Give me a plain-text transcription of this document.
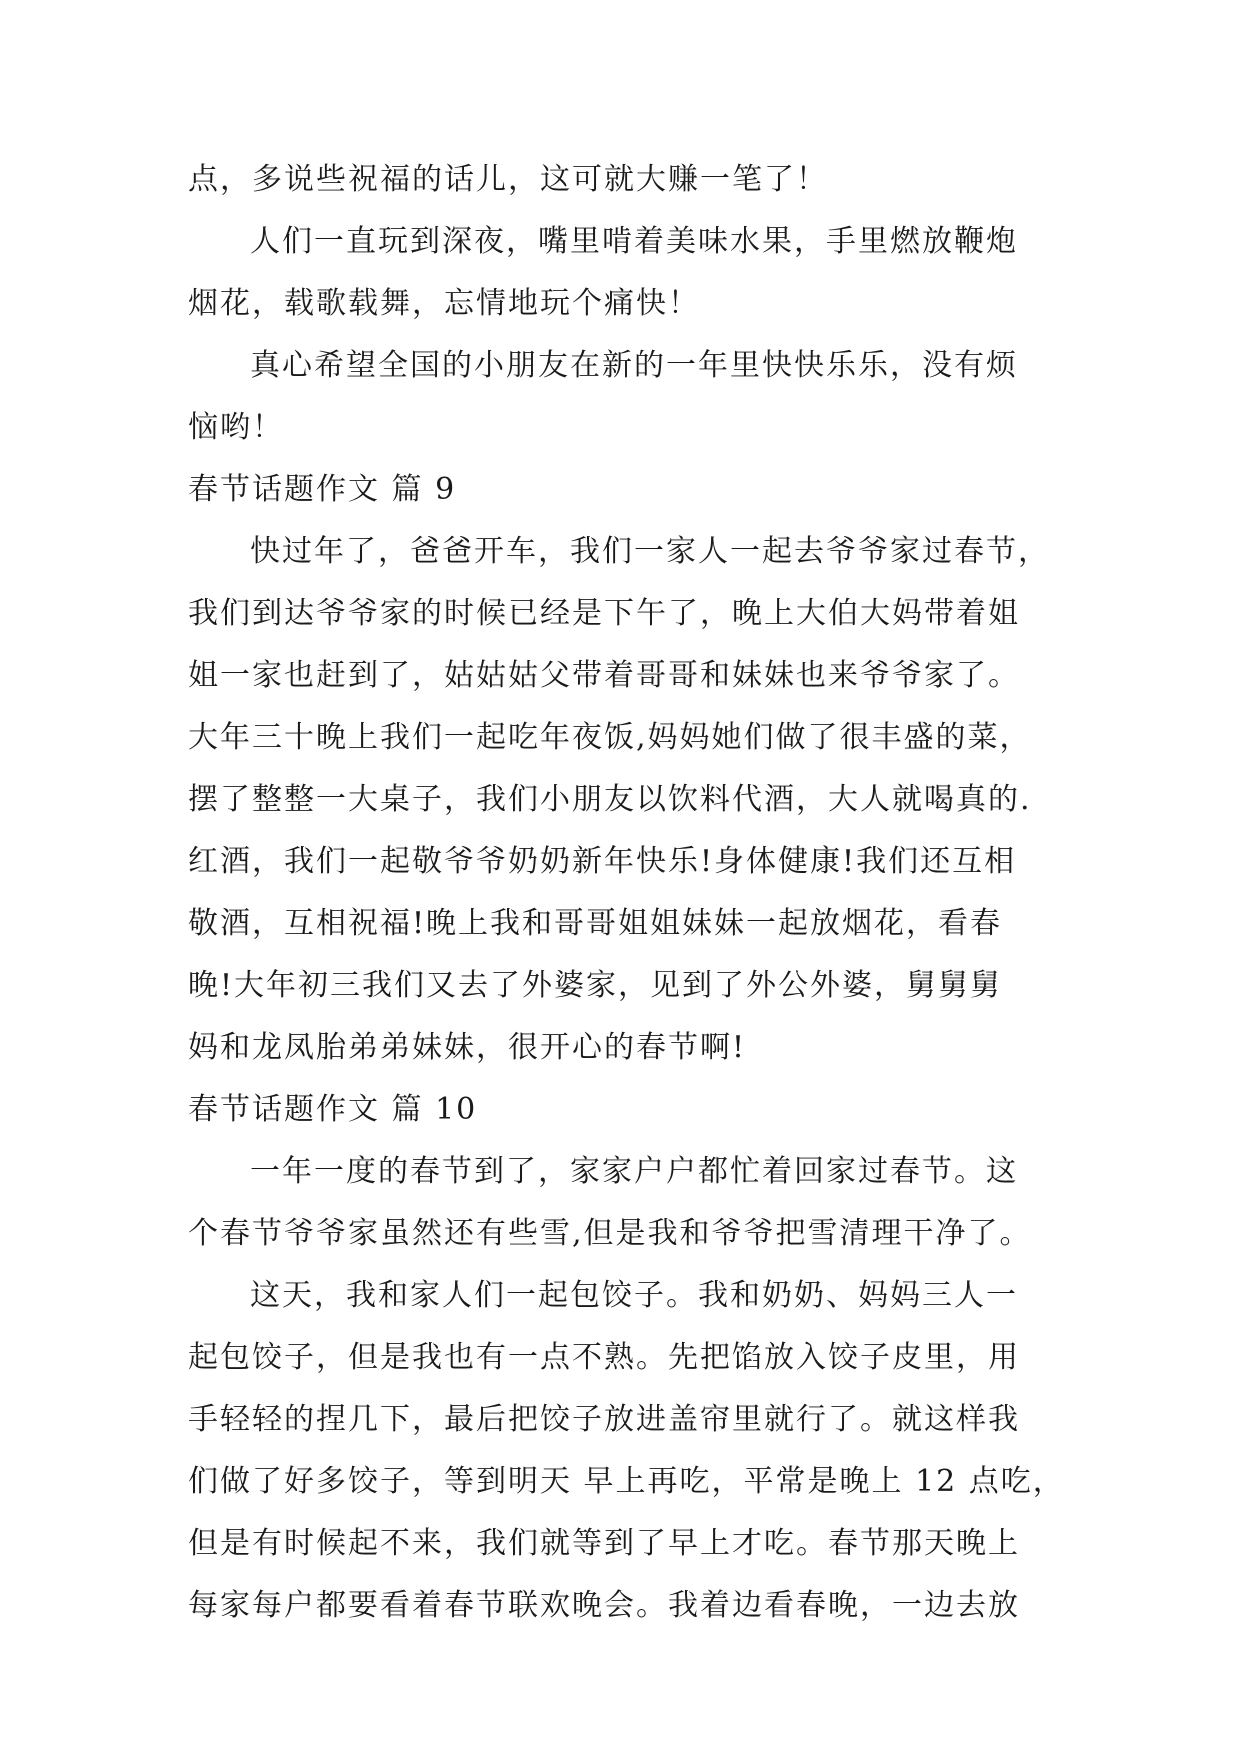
点，多说些祝福的话儿，这可就大赚一笔了！
人们一直玩到深夜，嘴里啃着美味水果，手里燃放鞭炮
烟花，载歌载舞，忘情地玩个痛快！
真心希望全国的小朋友在新的一年里快快乐乐，没有烦
恼哟！
春节话题作文 篇 9
快过年了，爸爸开车，我们一家人一起去爷爷家过春节，
我们到达爷爷家的时候已经是下午了，晚上大伯大妈带着姐
姐一家也赶到了，姑姑姑父带着哥哥和妹妹也来爷爷家了。
大年三十晚上我们一起吃年夜饭,妈妈她们做了很丰盛的菜，
摆了整整一大桌子，我们小朋友以饮料代酒，大人就喝真的.
红酒，我们一起敬爷爷奶奶新年快乐!身体健康!我们还互相
敬酒，互相祝福!晚上我和哥哥姐姐妹妹一起放烟花，看春
晚!大年初三我们又去了外婆家，见到了外公外婆，舅舅舅
妈和龙凤胎弟弟妹妹，很开心的春节啊!
春节话题作文 篇 10
一年一度的春节到了，家家户户都忙着回家过春节。这
个春节爷爷家虽然还有些雪,但是我和爷爷把雪清理干净了。
这天，我和家人们一起包饺子。我和奶奶、妈妈三人一
起包饺子，但是我也有一点不熟。先把馅放入饺子皮里，用
手轻轻的捏几下，最后把饺子放进盖帘里就行了。就这样我
们做了好多饺子，等到明天 早上再吃，平常是晚上 12 点吃，
但是有时候起不来，我们就等到了早上才吃。春节那天晚上
每家每户都要看着春节联欢晚会。我着边看春晚，一边去放
